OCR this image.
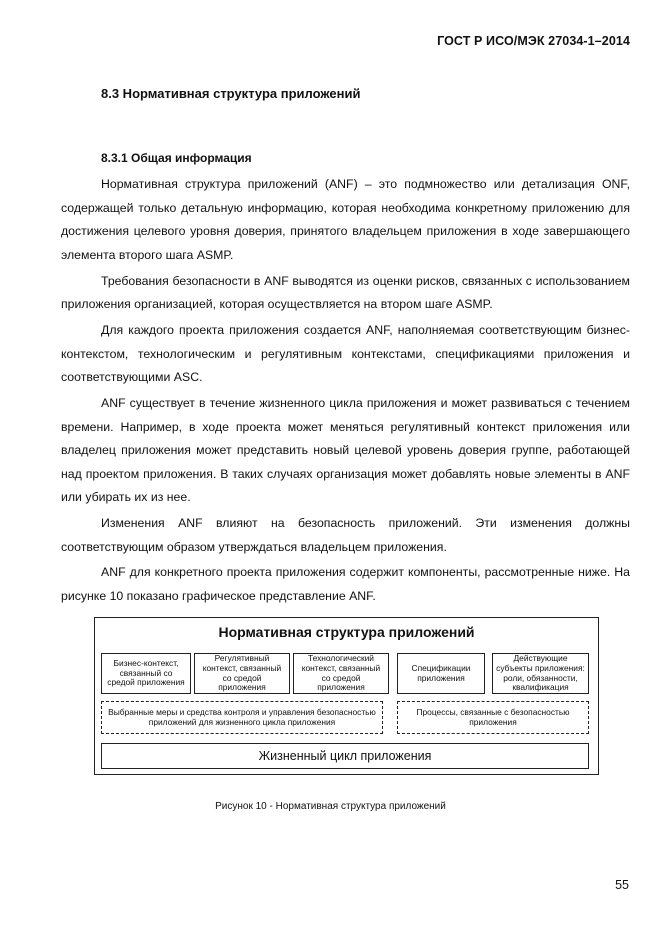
ГОСТ Р ИСО/МЭК 27034-1–2014
8.3 Нормативная структура приложений
8.3.1 Общая информация

Нормативная структура приложений (ANF) – это подмножество или детализация ONF, содержащей только детальную информацию, которая необходима конкретному приложению для достижения целевого уровня доверия, принятого владельцем приложения в ходе завершающего элемента второго шага ASMP.

Требования безопасности в ANF выводятся из оценки рисков, связанных с использованием приложения организацией, которая осуществляется на втором шаге ASMP.

Для каждого проекта приложения создается ANF, наполняемая соответствующим бизнес-контекстом, технологическим и регулятивным контекстами, спецификациями приложения и соответствующими ASC.

ANF существует в течение жизненного цикла приложения и может развиваться с течением времени. Например, в ходе проекта может меняться регулятивный контекст приложения или владелец приложения может представить новый целевой уровень доверия группе, работающей над проектом приложения. В таких случаях организация может добавлять новые элементы в ANF или убирать их из нее.

Изменения ANF влияют на безопасность приложений. Эти изменения должны соответствующим образом утверждаться владельцем приложения.

ANF для конкретного проекта приложения содержит компоненты, рассмотренные ниже. На рисунке 10 показано графическое представление ANF.

Нормативная структура приложений
Бизнес-контекст, связанный со средой приложения
Регулятивный контекст, связанный со средой приложения
Технологический контекст, связанный со средой приложения
Спецификации приложения
Действующие субъекты приложения: роли, обязанности, квалификация
Выбранные меры и средства контроля и управления безопасностью приложений для жизненного цикла приложения
Процессы, связанные с безопасностью приложения
Жизненный цикл приложения
Рисунок 10 - Нормативная структура приложений
55
